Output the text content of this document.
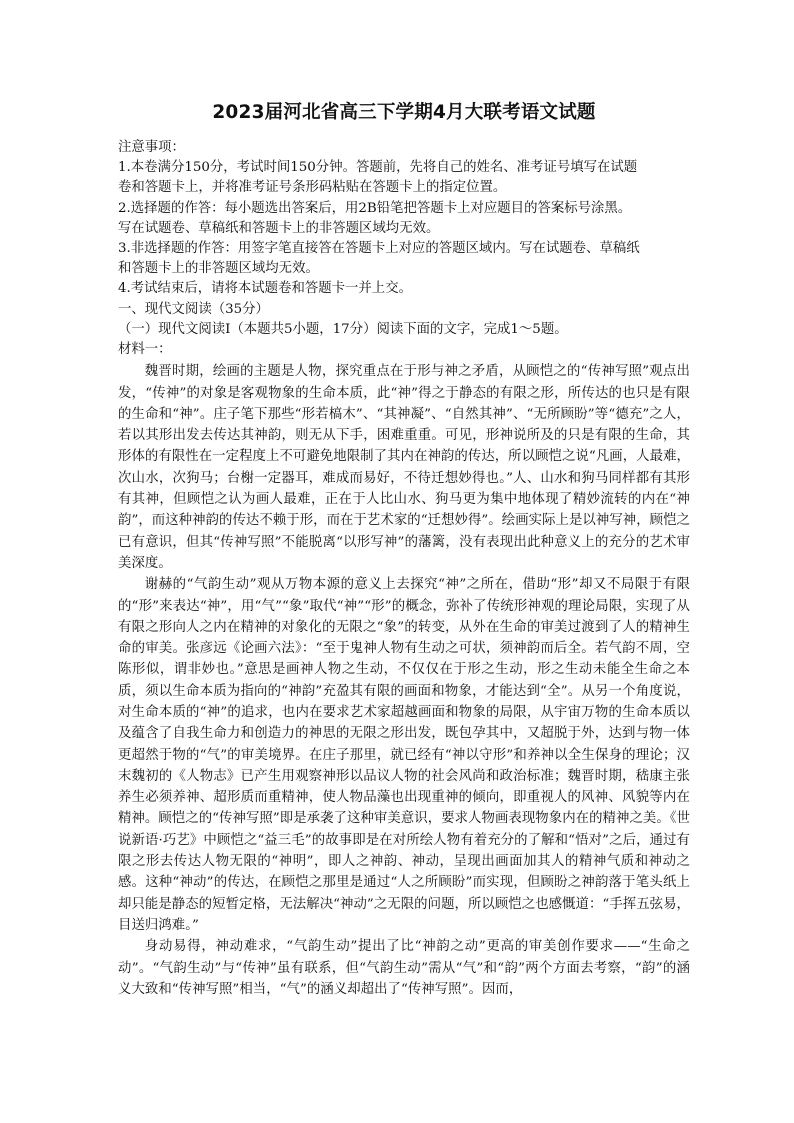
2023届河北省高三下学期4月大联考语文试题

注意事项：

1.本卷满分150分，考试时间150分钟。答题前，先将自己的姓名、准考证号填写在试题

卷和答题卡上，并将准考证号条形码粘贴在答题卡上的指定位置。

2.选择题的作答：每小题选出答案后，用2B铅笔把答题卡上对应题目的答案标号涂黑。

写在试题卷、草稿纸和答题卡上的非答题区域均无效。

3.非选择题的作答：用签字笔直接答在答题卡上对应的答题区域内。写在试题卷、草稿纸

和答题卡上的非答题区域均无效。

4.考试结束后，请将本试题卷和答题卡一并上交。

一、现代文阅读（35分）

（一）现代文阅读Ⅰ（本题共5小题，17分）阅读下面的文字，完成1～5题。

材料一：

魏晋时期，绘画的主题是人物，探究重点在于形与神之矛盾，从顾恺之的“传神写照”观点出发，“传神”的对象是客观物象的生命本质，此“神”得之于静态的有限之形，所传达的也只是有限的生命和“神”。庄子笔下那些“形若槁木”、“其神凝”、“自然其神”、“无所顾盼”等“德充”之人，若以其形出发去传达其神韵，则无从下手，困难重重。可见，形神说所及的只是有限的生命，其形体的有限性在一定程度上不可避免地限制了其内在神韵的传达，所以顾恺之说“凡画，人最难，次山水，次狗马；台榭一定器耳，难成而易好，不待迁想妙得也。”人、山水和狗马同样都有其形有其神，但顾恺之认为画人最难，正在于人比山水、狗马更为集中地体现了精妙流转的内在“神韵”，而这种神韵的传达不赖于形，而在于艺术家的“迁想妙得”。绘画实际上是以神写神，顾恺之已有意识，但其“传神写照”不能脱离“以形写神”的藩篱，没有表现出此种意义上的充分的艺术审美深度。

谢赫的“气韵生动”观从万物本源的意义上去探究“神”之所在，借助“形”却又不局限于有限的“形”来表达“神”，用“气”“象”取代“神”“形”的概念，弥补了传统形神观的理论局限，实现了从有限之形向人之内在精神的对象化的无限之“象”的转变，从外在生命的审美过渡到了人的精神生命的审美。张彦远《论画六法》：“至于鬼神人物有生动之可状，须神韵而后全。若气韵不周，空陈形似，谓非妙也。”意思是画神人物之生动，不仅仅在于形之生动，形之生动未能全生命之本质，须以生命本质为指向的“神韵”充盈其有限的画面和物象，才能达到“全”。从另一个角度说，对生命本质的“神”的追求，也内在要求艺术家超越画面和物象的局限，从宇宙万物的生命本质以及蕴含了自我生命力和创造力的神思的无限之形出发，既包孕其中，又超脱于外，达到与物一体更超然于物的“气”的审美境界。在庄子那里，就已经有“神以守形”和养神以全生保身的理论；汉末魏初的《人物志》已产生用观察神形以品议人物的社会风尚和政治标准；魏晋时期，嵇康主张养生必须养神、超形质而重精神，使人物品藻也出现重神的倾向，即重视人的风神、风貌等内在精神。顾恺之的“传神写照”即是承袭了这种审美意识，要求人物画表现物象内在的精神之美。《世说新语·巧艺》中顾恺之“益三毛”的故事即是在对所绘人物有着充分的了解和“悟对”之后，通过有限之形去传达人物无限的“神明”，即人之神韵、神动，呈现出画面加其人的精神气质和神动之感。这种“神动”的传达，在顾恺之那里是通过“人之所顾盼”而实现，但顾盼之神韵落于笔头纸上却只能是静态的短暂定格，无法解决“神动”之无限的问题，所以顾恺之也感慨道：“手挥五弦易，目送归鸿难。”

身动易得，神动难求，“气韵生动”提出了比“神韵之动”更高的审美创作要求——“生命之动”。“气韵生动”与“传神”虽有联系，但“气韵生动”需从“气”和“韵”两个方面去考察，“韵”的涵义大致和“传神写照”相当，“气”的涵义却超出了“传神写照”。因而，
